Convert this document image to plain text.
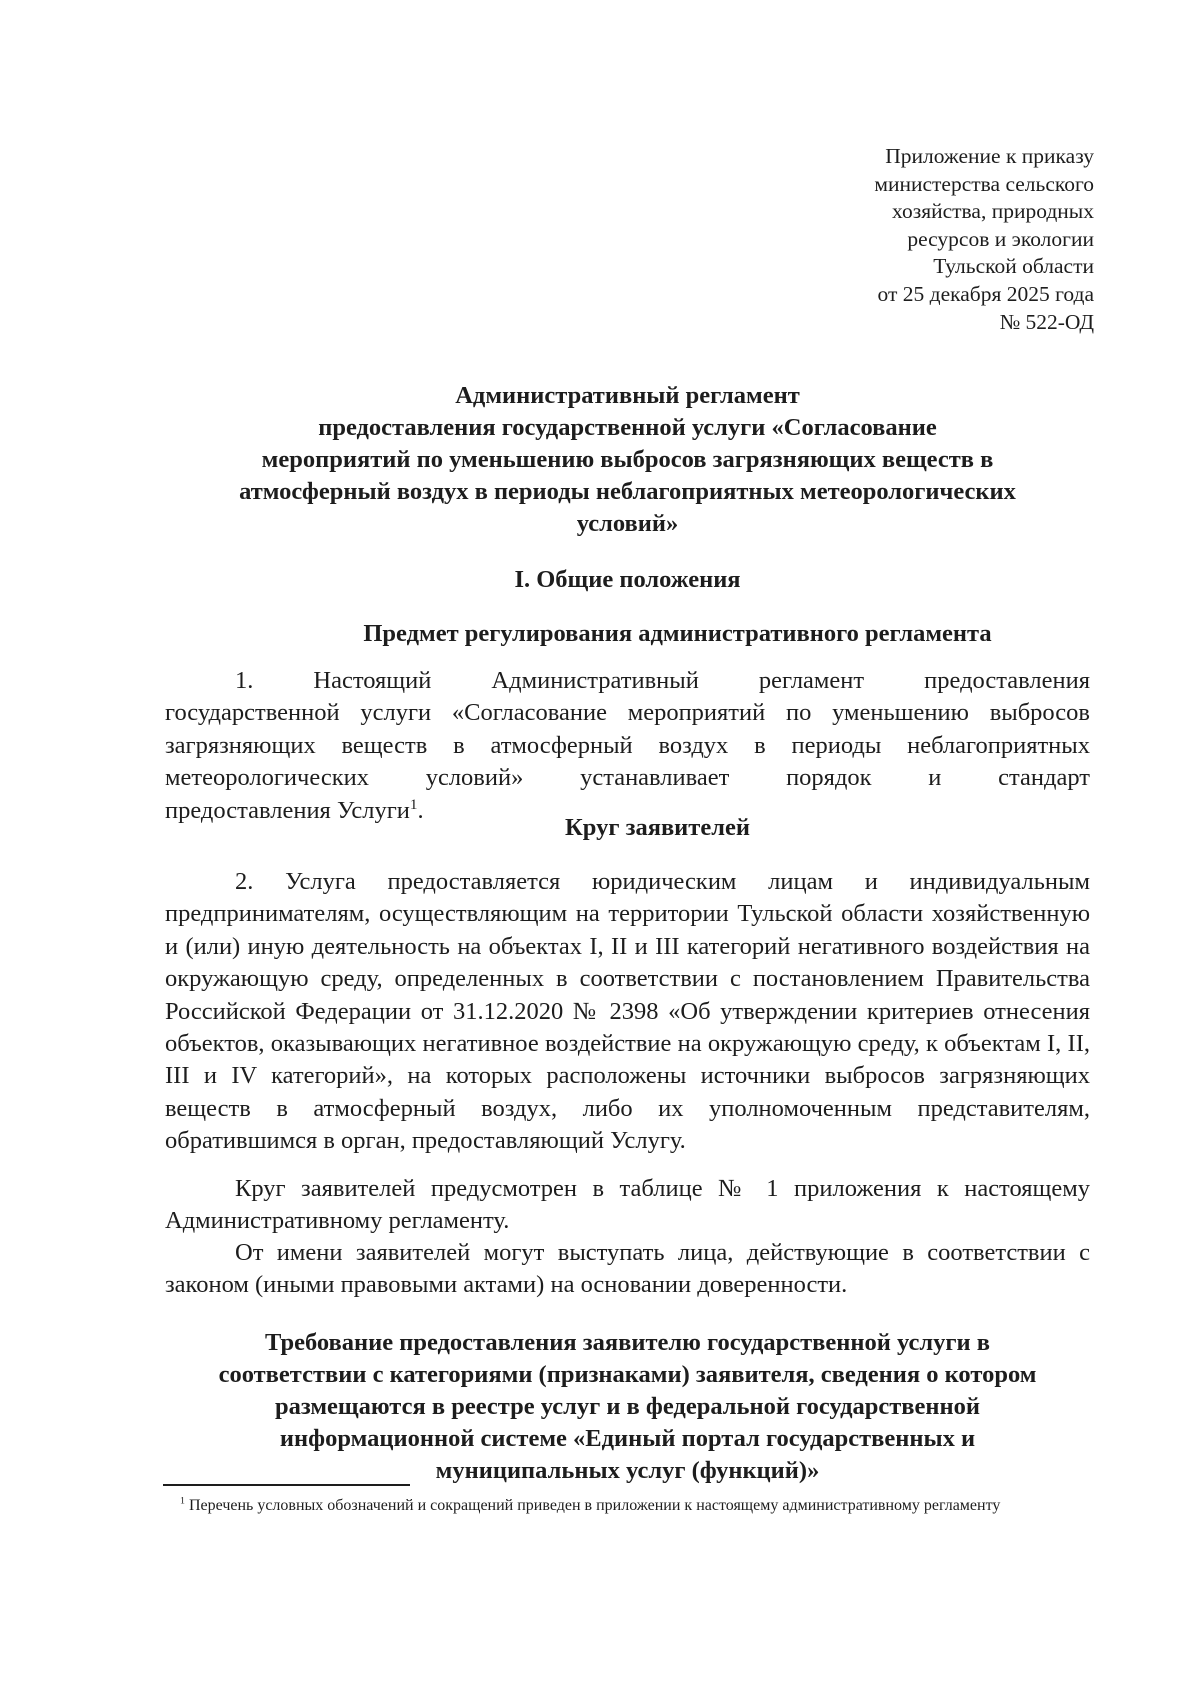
Приложение к приказу
министерства сельского
хозяйства, природных
ресурсов и экологии
Тульской области
от 25 декабря 2025 года
№ 522-ОД
Административный регламент
предоставления государственной услуги «Согласование
мероприятий по уменьшению выбросов загрязняющих веществ в
атмосферный воздух в периоды неблагоприятных метеорологических
условий»
I. Общие положения
Предмет регулирования административного регламента
1. Настоящий Административный регламент предоставления
государственной услуги «Согласование мероприятий по уменьшению выбросов
загрязняющих веществ в атмосферный воздух в периоды неблагоприятных
метеорологических условий» устанавливает порядок и стандарт
предоставления Услуги$^1$.
Круг заявителей

2. Услуга предоставляется юридическим лицам и индивидуальным предпринимателям, осуществляющим на территории Тульской области хозяйственную и (или) иную деятельность на объектах I, II и III категорий негативного воздействия на окружающую среду, определенных в соответствии с постановлением Правительства Российской Федерации от 31.12.2020 № 2398 «Об утверждении критериев отнесения объектов, оказывающих негативное воздействие на окружающую среду, к объектам I, II, III и IV категорий», на которых расположены источники выбросов загрязняющих веществ в атмосферный воздух, либо их уполномоченным представителям, обратившимся в орган, предоставляющий Услугу.

Круг заявителей предусмотрен в таблице № 1 приложения к настоящему Административному регламенту.

От имени заявителей могут выступать лица, действующие в соответствии с законом (иными правовыми актами) на основании доверенности.

Требование предоставления заявителю государственной услуги в
соответствии с категориями (признаками) заявителя, сведения о котором
размещаются в реестре услуг и в федеральной государственной
информационной системе «Единый портал государственных и
муниципальных услуг (функций)»
$^1$ Перечень условных обозначений и сокращений приведен в приложении к настоящему административному регламенту
